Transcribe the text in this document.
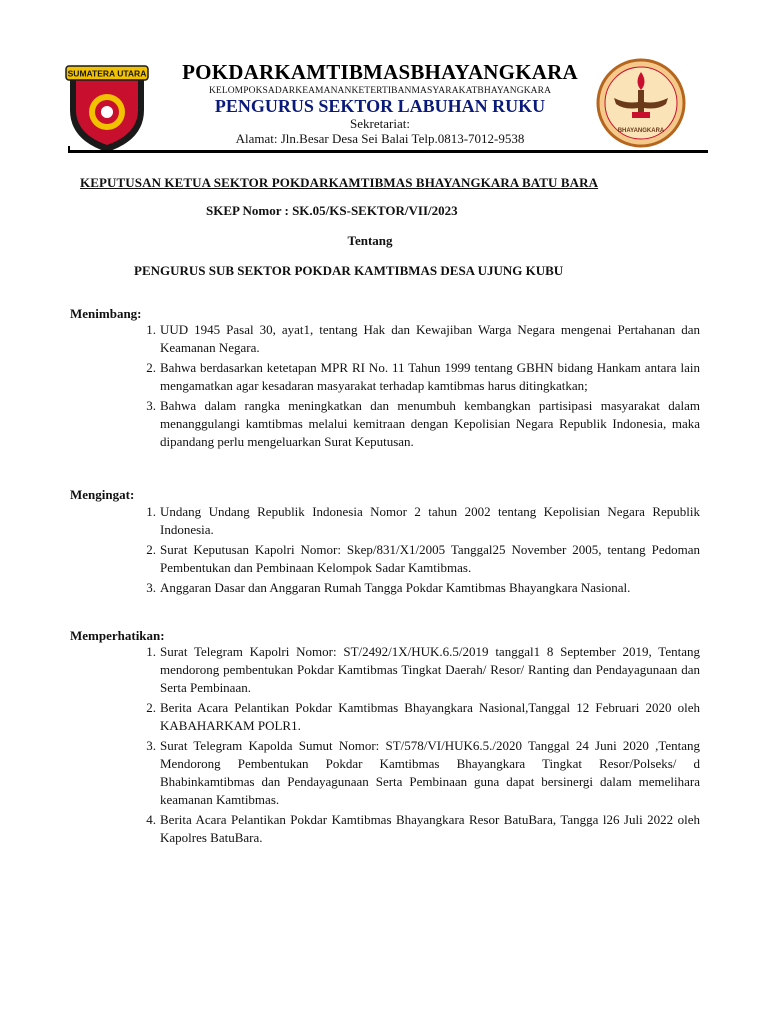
SUMATERA UTARA	POKDARKAMTIBMASBHAYANGKARA
KELOMPOKSADARKEAMANANKETERTIBANMASYARAKATBHAYANGKARA
PENGURUS SEKTOR LABUHAN RUKU
Sekretariat:
Alamat: Jln.Besar Desa Sei Balai Telp.0813-7012-9538	BHAYANGKARA
KEPUTUSAN KETUA SEKTOR POKDARKAMTIBMAS BHAYANGKARA BATU BARA
SKEP Nomor : SK.05/KS-SEKTOR/VII/2023
Tentang
PENGURUS SUB SEKTOR POKDAR KAMTIBMAS DESA UJUNG KUBU
Menimbang:
1. UUD 1945 Pasal 30, ayat1, tentang Hak dan Kewajiban Warga Negara mengenai Pertahanan dan Keamanan Negara.
2. Bahwa berdasarkan ketetapan MPR RI No. 11 Tahun 1999 tentang GBHN bidang Hankam antara lain mengamatkan agar kesadaran masyarakat terhadap kamtibmas harus ditingkatkan;
3. Bahwa dalam rangka meningkatkan dan menumbuh kembangkan partisipasi masyarakat dalam menanggulangi kamtibmas melalui kemitraan dengan Kepolisian Negara Republik Indonesia, maka dipandang perlu mengeluarkan Surat Keputusan.
Mengingat:
1. Undang Undang Republik Indonesia Nomor 2 tahun 2002 tentang Kepolisian Negara Republik Indonesia.
2. Surat Keputusan Kapolri Nomor: Skep/831/X1/2005 Tanggal25 November 2005, tentang Pedoman Pembentukan dan Pembinaan Kelompok Sadar Kamtibmas.
3. Anggaran Dasar dan Anggaran Rumah Tangga Pokdar Kamtibmas Bhayangkara Nasional.
Memperhatikan:
1. Surat Telegram Kapolri Nomor: ST/2492/1X/HUK.6.5/2019 tanggal1 8 September 2019, Tentang mendorong pembentukan Pokdar Kamtibmas Tingkat Daerah/ Resor/ Ranting dan Pendayagunaan dan Serta Pembinaan.
2. Berita Acara Pelantikan Pokdar Kamtibmas Bhayangkara Nasional,Tanggal 12 Februari 2020 oleh KABAHARKAM POLR1.
3. Surat Telegram Kapolda Sumut Nomor: ST/578/VI/HUK6.5./2020 Tanggal 24 Juni 2020 ,Tentang Mendorong Pembentukan Pokdar Kamtibmas Bhayangkara Tingkat Resor/Polseks/ d Bhabinkamtibmas dan Pendayagunaan Serta Pembinaan guna dapat bersinergi dalam memelihara keamanan Kamtibmas.
4. Berita Acara Pelantikan Pokdar Kamtibmas Bhayangkara Resor BatuBara, Tangga l26 Juli 2022 oleh Kapolres BatuBara.
